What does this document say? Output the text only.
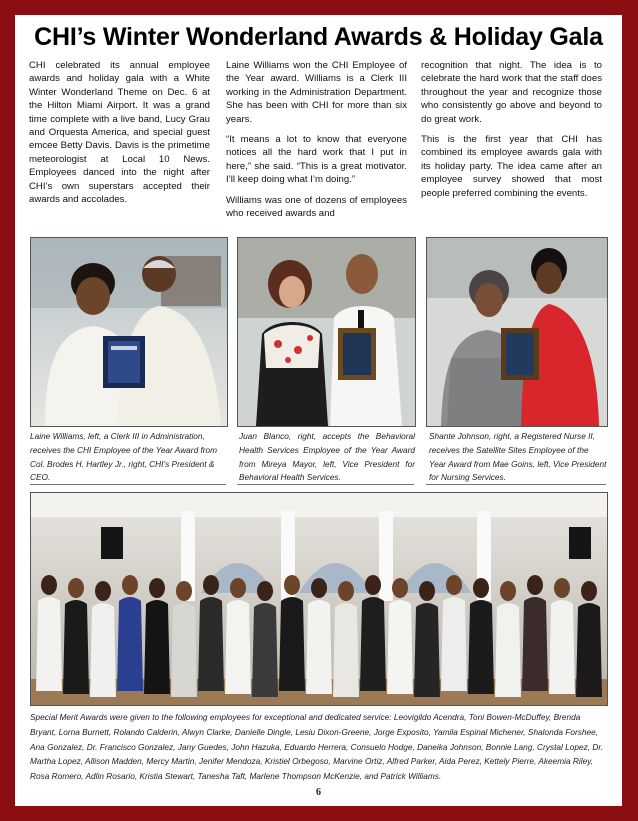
CHI’s Winter Wonderland Awards & Holiday Gala

CHI celebrated its annual employee awards and holiday gala with a White Winter Wonderland Theme on Dec. 6 at the Hilton Miami Airport. It was a grand time complete with a live band, Lucy Grau and Orquesta America, and special guest emcee Betty Davis. Davis is the primetime meteorologist at Local 10 News. Employees danced into the night after CHI’s own superstars accepted their awards and accolades.

Laine Williams won the CHI Employee of the Year award. Williams is a Clerk III working in the Administration Department. She has been with CHI for more than six years.

“It means a lot to know that everyone notices all the hard work that I put in here,” she said. “This is a great motivator. I’ll keep doing what I’m doing.”

Williams was one of dozens of employees who received awards and

recognition that night. The idea is to celebrate the hard work that the staff does throughout the year and recognize those who consistently go above and beyond to do great work.

This is the first year that CHI has combined its employee awards gala with its holiday party. The idea came after an employee survey showed that most people preferred combining the events.

Laine Williams, left, a Clerk III in Administration, receives the CHI Employee of the Year Award from Col. Brodes H. Hartley Jr., right, CHI’s President & CEO.
Juan Blanco, right, accepts the Behavioral Health Services Employee of the Year Award from Mireya Mayor, left, Vice President for Behavioral Health Services.
Shante Johnson, right, a Registered Nurse II, receives the Satellite Sites Employee of the Year Award from Mae Goins, left, Vice President for Nursing Services.
Special Merit Awards were given to the following employees for exceptional and dedicated service: Leovigildo Acendra, Toni Bowen-McDuffey, Brenda Bryant, Lorna Burnett, Rolando Calderin, Alwyn Clarke, Danielle Dingle, Lesiu Dixon-Greene, Jorge Exposito, Yamila Espinal Michener, Shalonda Forshee, Ana Gonzalez, Dr. Francisco Gonzalez, Jany Guedes, John Hazuka, Eduardo Herrera, Consuelo Hodge, Daneika Johnson, Bonnie Lang, Crystal Lopez, Dr. Martha Lopez, Allison Madden, Mercy Martin, Jenifer Mendoza, Kristiel Orbegoso, Marvine Ortiz, Alfred Parker, Aida Perez, Kettely Pierre, Akeemia Riley, Rosa Romero, Adlin Rosario, Kristia Stewart, Tanesha Taft, Marlene Thompson McKenzie, and Patrick Williams.
6
